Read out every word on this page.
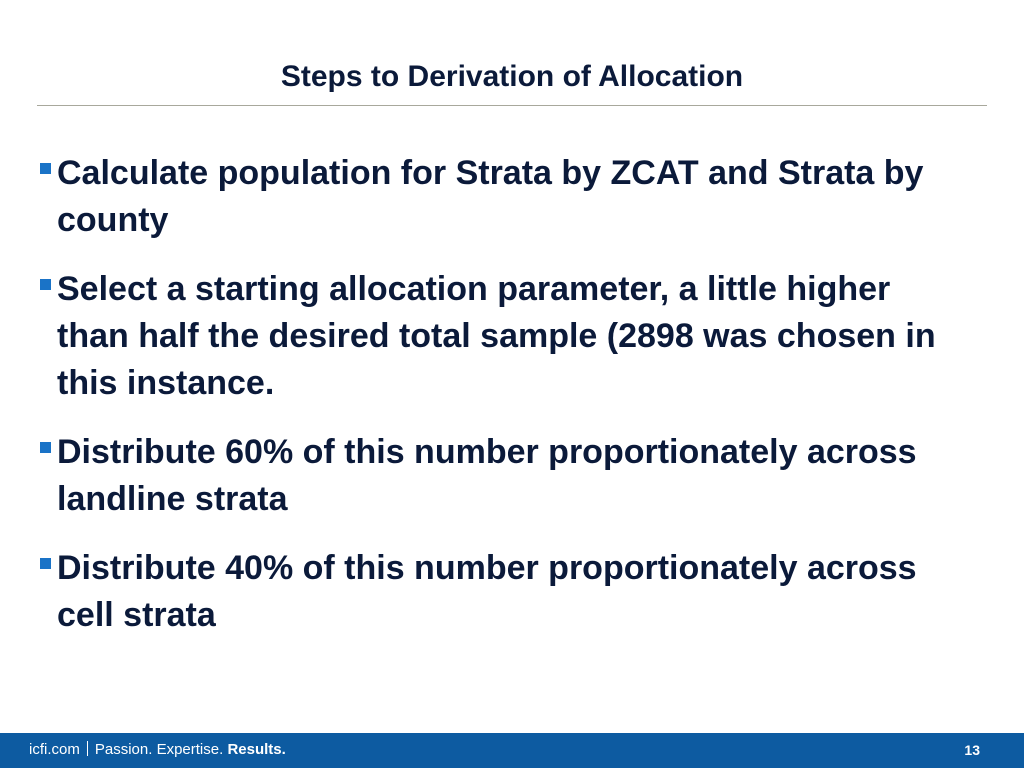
Steps to Derivation of Allocation
Calculate population for Strata by ZCAT and Strata by county
Select a starting allocation parameter, a little higher than half the desired total sample (2898 was chosen in this instance.
Distribute 60% of this number proportionately across landline strata
Distribute 40% of this number proportionately across cell strata
icfi.com Passion. Expertise. Results.	13
